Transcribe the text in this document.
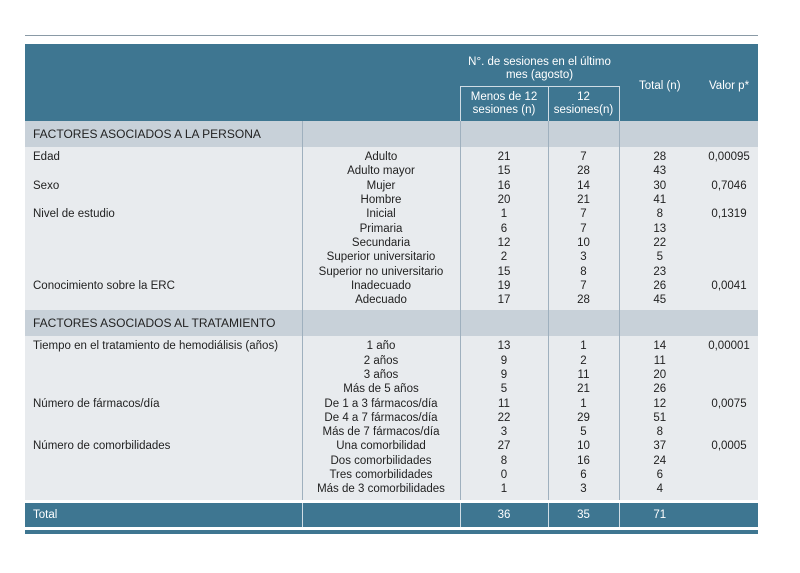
		N°. de sesiones en el último mes (agosto)		Total (n)	Valor p*
		Menos de 12 sesiones (n)	12 sesiones(n)		
FACTORES ASOCIADOS A LA PERSONA					
Edad	Adulto	21	7	28	0,00095
	Adulto mayor	15	28	43	
Sexo	Mujer	16	14	30	0,7046
	Hombre	20	21	41	
Nivel de estudio	Inicial	1	7	8	0,1319
	Primaria	6	7	13	
	Secundaria	12	10	22	
	Superior universitario	2	3	5	
	Superior no universitario	15	8	23	
Conocimiento sobre la ERC	Inadecuado	19	7	26	0,0041
	Adecuado	17	28	45	
FACTORES ASOCIADOS AL TRATAMIENTO					
Tiempo en el tratamiento de hemodiálisis (años)	1 año	13	1	14	0,00001
	2 años	9	2	11	
	3 años	9	11	20	
	Más de 5 años	5	21	26	
Número de fármacos/día	De 1 a 3 fármacos/día	11	1	12	0,0075
	De 4 a 7 fármacos/día	22	29	51	
	Más de 7 fármacos/día	3	5	8	
Número de comorbilidades	Una comorbilidad	27	10	37	0,0005
	Dos comorbilidades	8	16	24	
	Tres comorbilidades	0	6	6	
	Más de 3 comorbilidades	1	3	4	

Total		36	35	71	
